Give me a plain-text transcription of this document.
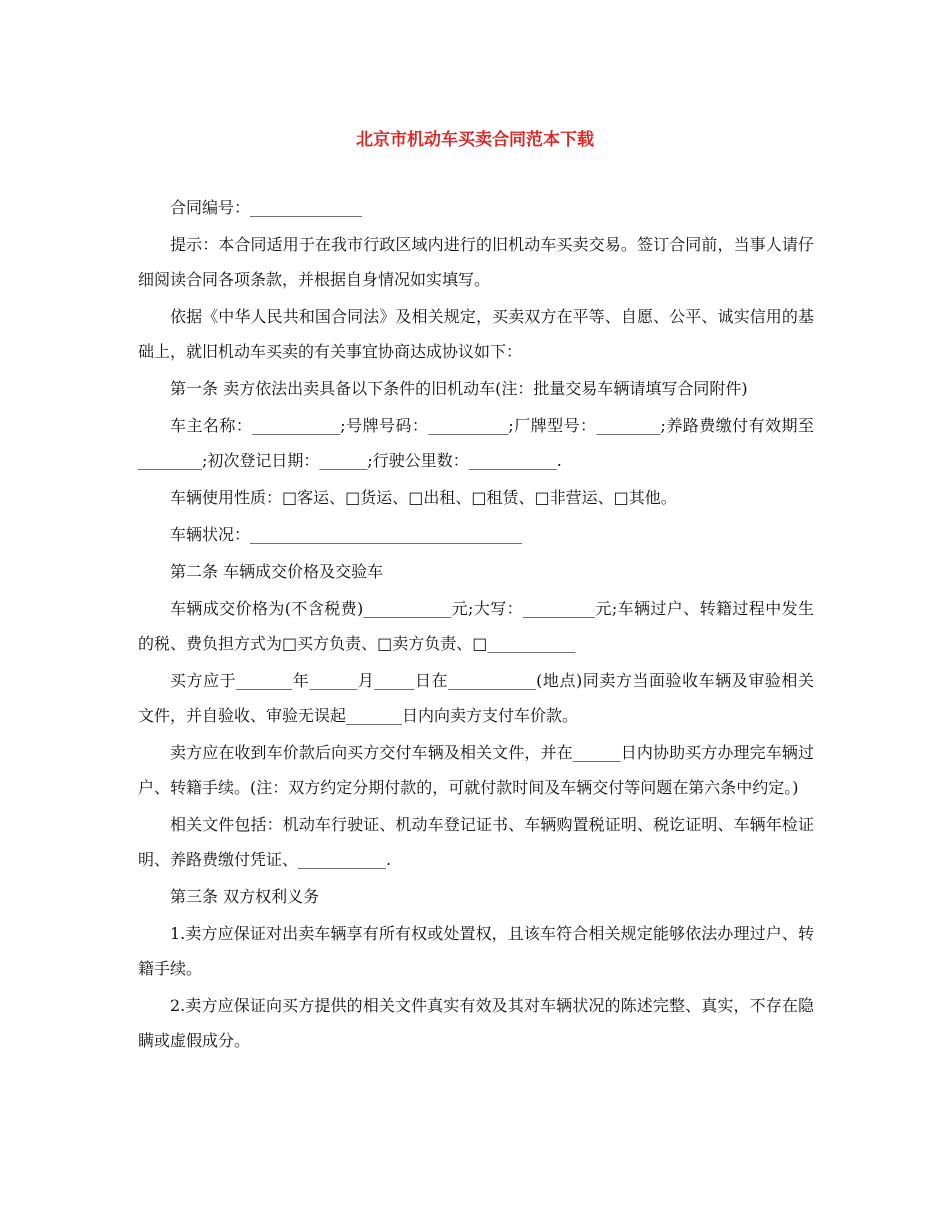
北京市机动车买卖合同范本下载

合同编号：______________

提示：本合同适用于在我市行政区域内进行的旧机动车买卖交易。签订合同前，当事人请仔细阅读合同各项条款，并根据自身情况如实填写。

依据《中华人民共和国合同法》及相关规定，买卖双方在平等、自愿、公平、诚实信用的基础上，就旧机动车买卖的有关事宜协商达成协议如下：

第一条 卖方依法出卖具备以下条件的旧机动车(注：批量交易车辆请填写合同附件)

车主名称：___________;号牌号码：__________;厂牌型号：________;养路费缴付有效期至________;初次登记日期：______;行驶公里数：___________.

车辆使用性质：□客运、□货运、□出租、□租赁、□非营运、□其他。

车辆状况：__________________________________

第二条 车辆成交价格及交验车

车辆成交价格为(不含税费)___________元;大写：_________元;车辆过户、转籍过程中发生的税、费负担方式为□买方负责、□卖方负责、□___________

买方应于_______年______月_____日在___________(地点)同卖方当面验收车辆及审验相关文件，并自验收、审验无误起_______日内向卖方支付车价款。

卖方应在收到车价款后向买方交付车辆及相关文件，并在______日内协助买方办理完车辆过户、转籍手续。(注：双方约定分期付款的，可就付款时间及车辆交付等问题在第六条中约定。)

相关文件包括：机动车行驶证、机动车登记证书、车辆购置税证明、税讫证明、车辆年检证明、养路费缴付凭证、___________.

第三条 双方权利义务

1.卖方应保证对出卖车辆享有所有权或处置权，且该车符合相关规定能够依法办理过户、转籍手续。

2.卖方应保证向买方提供的相关文件真实有效及其对车辆状况的陈述完整、真实，不存在隐瞒或虚假成分。
